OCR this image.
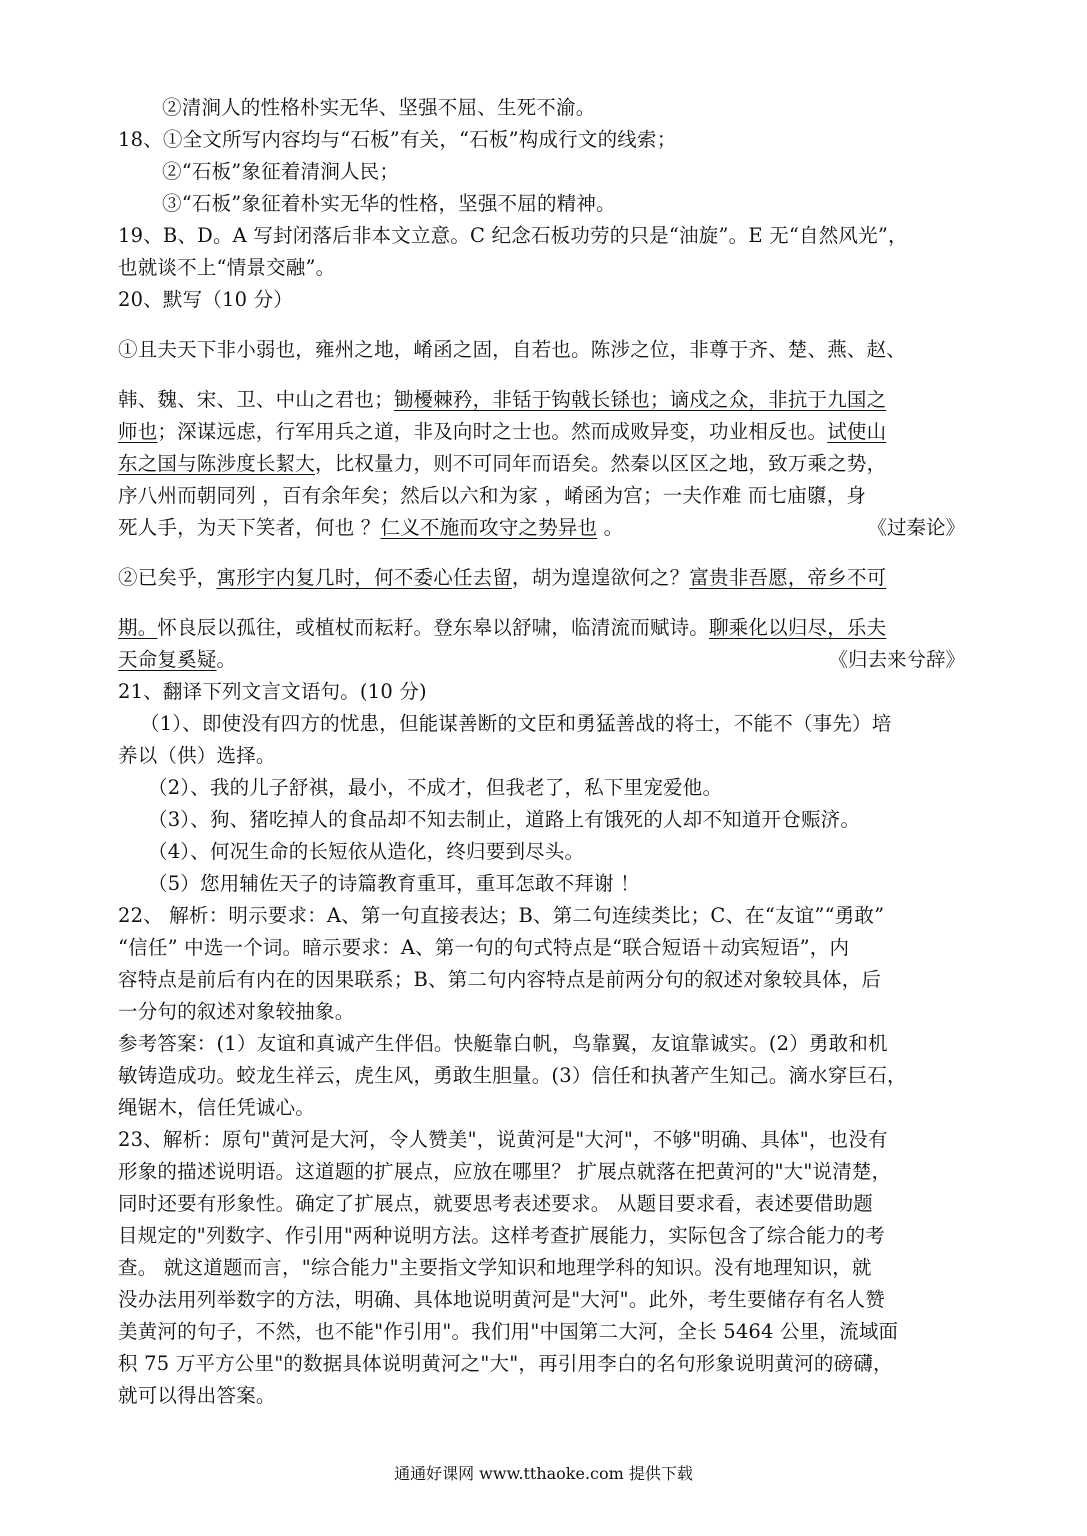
②清涧人的性格朴实无华、坚强不屈、生死不渝。
18、①全文所写内容均与“石板”有关，“石板”构成行文的线索；
②“石板”象征着清涧人民；
③“石板”象征着朴实无华的性格，坚强不屈的精神。
19、B、D。A 写封闭落后非本文立意。C 纪念石板功劳的只是“油旋”。E 无“自然风光”，
也就谈不上“情景交融”。
20、默写（10 分）
①且夫天下非小弱也，雍州之地，崤函之固，自若也。陈涉之位，非尊于齐、楚、燕、赵、
韩、魏、宋、卫、中山之君也；锄櫌棘矜，非铦于钩戟长铩也；谪戍之众，非抗于九国之
师也；深谋远虑，行军用兵之道，非及向时之士也。然而成败异变，功业相反也。试使山
东之国与陈涉度长絜大，比权量力，则不可同年而语矣。然秦以区区之地，致万乘之势，
序八州而朝同列 ，百有余年矣；然后以六和为家 ，崤函为宫；一夫作难 而七庙隳，身
死人手，为天下笑者，何也 ？仁义不施而攻守之势异也 。
②已矣乎，寓形宇内复几时，何不委心任去留，胡为遑遑欲何之？富贵非吾愿，帝乡不可
期。怀良辰以孤往，或植杖而耘耔。登东皋以舒啸，临清流而赋诗。聊乘化以归尽，乐夫
天命复奚疑。
21、翻译下列文言文语句。(10 分)
（1）、即使没有四方的忧患，但能谋善断的文臣和勇猛善战的将士，不能不（事先）培
养以（供）选择。
（2）、我的儿子舒祺，最小，不成才，但我老了，私下里宠爱他。
（3）、狗、猪吃掉人的食品却不知去制止，道路上有饿死的人却不知道开仓赈济。
（4）、何况生命的长短依从造化，终归要到尽头。
（5）您用辅佐天子的诗篇教育重耳，重耳怎敢不拜谢 ！
22、 解析：明示要求：A、第一句直接表达；B、第二句连续类比；C、在“友谊”“勇敢”
“信任” 中选一个词。暗示要求：A、第一句的句式特点是“联合短语＋动宾短语”，内
容特点是前后有内在的因果联系；B、第二句内容特点是前两分句的叙述对象较具体，后
一分句的叙述对象较抽象。
参考答案：(1）友谊和真诚产生伴侣。快艇靠白帆，鸟靠翼，友谊靠诚实。(2）勇敢和机
敏铸造成功。蛟龙生祥云，虎生风，勇敢生胆量。(3）信任和执著产生知己。滴水穿巨石，
绳锯木，信任凭诚心。
23、解析：原句"黄河是大河，令人赞美"，说黄河是"大河"，不够"明确、具体"，也没有
形象的描述说明语。这道题的扩展点，应放在哪里？ 扩展点就落在把黄河的"大"说清楚，
同时还要有形象性。确定了扩展点，就要思考表述要求。 从题目要求看，表述要借助题
目规定的"列数字、作引用"两种说明方法。这样考查扩展能力，实际包含了综合能力的考
查。 就这道题而言，"综合能力"主要指文学知识和地理学科的知识。没有地理知识，就
没办法用列举数字的方法，明确、具体地说明黄河是"大河"。此外，考生要储存有名人赞
美黄河的句子，不然，也不能"作引用"。我们用"中国第二大河，全长 5464 公里，流域面
积 75 万平方公里"的数据具体说明黄河之"大"，再引用李白的名句形象说明黄河的磅礴，
就可以得出答案。
《过秦论》
《归去来兮辞》
通通好课网 www.tthaoke.com 提供下载
